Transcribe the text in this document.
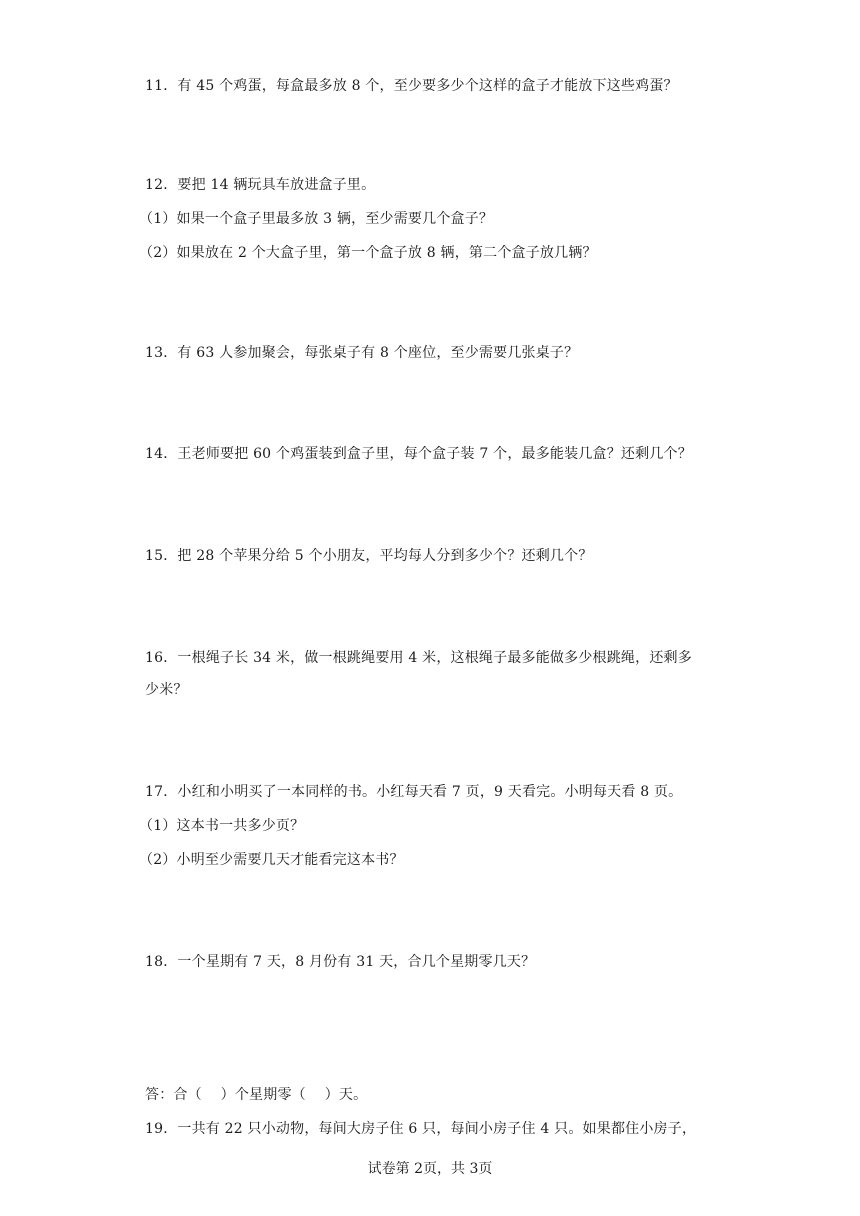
11．有 45 个鸡蛋，每盒最多放 8 个，至少要多少个这样的盒子才能放下这些鸡蛋？
12．要把 14 辆玩具车放进盒子里。
（1）如果一个盒子里最多放 3 辆，至少需要几个盒子？
（2）如果放在 2 个大盒子里，第一个盒子放 8 辆，第二个盒子放几辆？
13．有 63 人参加聚会，每张桌子有 8 个座位，至少需要几张桌子？
14．王老师要把 60 个鸡蛋装到盒子里，每个盒子装 7 个，最多能装几盒？还剩几个？
15．把 28 个苹果分给 5 个小朋友，平均每人分到多少个？还剩几个？
16．一根绳子长 34 米，做一根跳绳要用 4 米，这根绳子最多能做多少根跳绳，还剩多
少米？
17．小红和小明买了一本同样的书。小红每天看 7 页，9 天看完。小明每天看 8 页。
（1）这本书一共多少页？
（2）小明至少需要几天才能看完这本书？
18．一个星期有 7 天，8 月份有 31 天，合几个星期零几天？
答：合（　 ）个星期零（　 ）天。
19．一共有 22 只小动物，每间大房子住 6 只，每间小房子住 4 只。如果都住小房子，
试卷第 2页，共 3页
